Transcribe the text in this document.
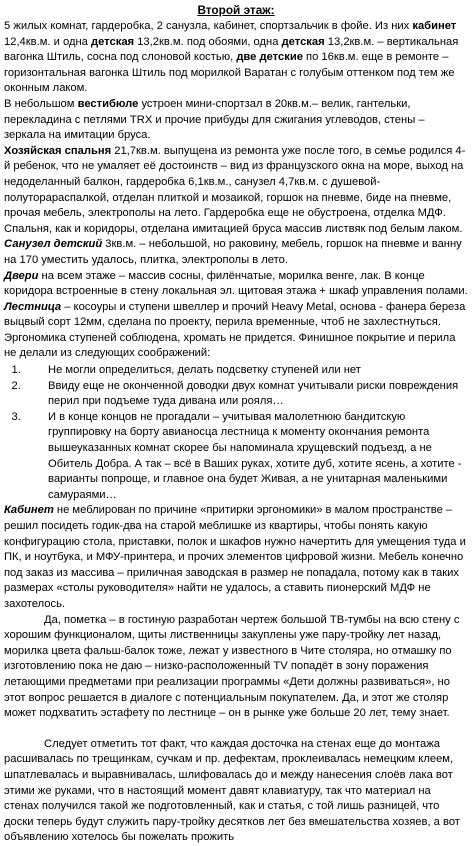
Второй этаж:

5 жилых комнат, гардеробка, 2 санузла, кабинет, спортзальчик в фойе. Из них кабинет 12,4кв.м. и одна детская 13,2кв.м. под обоями, одна детская 13,2кв.м. – вертикальная вагонка Штиль, сосна под слоновой костью, две детские по 16кв.м. еще в ремонте – горизонтальная вагонка Штиль под морилкой Варатан с голубым оттенком под тем же оконным лаком.

В небольшом вестибюле устроен мини-спортзал в 20кв.м.– велик, гантельки, перекладина с петлями TRX и прочие прибуды для сжигания углеводов, стены – зеркала на имитации бруса.

Хозяйская спальня 21,7кв.м. выпущена из ремонта уже после того, в семье родился 4-й ребенок, что не умаляет её достоинств – вид из французского окна на море, выход на недоделанный балкон, гардеробка 6,1кв.м., санузел 4,7кв.м. с душевой-полуторараспалкой, отделан плиткой и мозаикой, горшок на пневме, биде на пневме, прочая мебель, электрополы на лето. Гардеробка еще не обустроена, отделка МДФ. Спальня, как и коридоры, отделана имитацией бруса массив листвяк под белым лаком.

Санузел детский 3кв.м. – небольшой, но раковину, мебель, горшок на пневме и ванну на 170 уместить удалось, плитка, электрополы в лето.

Двери на всем этаже – массив сосны, филёнчатые, морилка венге, лак. В конце коридора встроенные в стену локальная эл. щитовая этажа + шкаф управления полами.

Лестница – косоуры и ступени швеллер и прочий Heavy Metal, основа - фанера береза выцвый сорт 12мм, сделана по проекту, перила временные, чтоб не захлестнуться. Эргономика ступеней соблюдена, хромать не придется. Финишное покрытие и перила не делали из следующих соображений:

1. Не могли определиться, делать подсветку ступеней или нет
2. Ввиду еще не оконченной доводки двух комнат учитывали риски повреждения перил при подъеме туда дивана или рояля…
3. И в конце концов не прогадали – учитывая малолетнюю бандитскую группировку на борту авианосца лестница к моменту окончания ремонта вышеуказанных комнат скорее бы напоминала хрущевский подъезд, а не Обитель Добра. А так – всё в Ваших руках, хотите дуб, хотите ясень, а хотите - варианты попроще, и главное она будет Живая, а не унитарная маленькими самураями…

Кабинет не меблирован по причине «притирки эргономики» в малом пространстве – решил посидеть годик-два на старой меблишке из квартиры, чтобы понять какую конфигурацию стола, приставки, полок и шкафов нужно начертить для умещения туда и ПК, и ноутбука, и МФУ-принтера, и прочих элементов цифровой жизни. Мебель конечно под заказ из массива – приличная заводская в размер не попадала, потому как в таких размерах «столы руководителя» найти не удалось, а ставить пионерский МДФ не захотелось.

Да, пометка – в гостиную разработан чертеж большой ТВ-тумбы на всю стену с хорошим функционалом, щиты лиственницы закуплены уже пару-тройку лет назад, морилка цвета фальш-балок тоже, лежат у известного в Чите столяра, но отмашку по изготовлению пока не даю – низко-расположенный TV попадёт в зону поражения летающими предметами при реализации программы «Дети должны развиваться», но этот вопрос решается в диалоге с потенциальным покупателем. Да, и этот же столяр может подхватить эстафету по лестнице – он в рынке уже больше 20 лет, тему знает.

Следует отметить тот факт, что каждая досточка на стенах еще до монтажа расшивалась по трещинкам, сучкам и пр. дефектам, проклеивалась немецким клеем, шпатлевалась и выравнивалась, шлифовалась до и между нанесения слоёв лака вот этими же руками, что в настоящий момент давят клавиатуру, так что материал на стенах получился такой же подготовленный, как и статья, с той лишь разницей, что доски теперь будут служить пару-тройку десятков лет без вмешательства хозяев, а вот объявлению хотелось бы пожелать прожить
